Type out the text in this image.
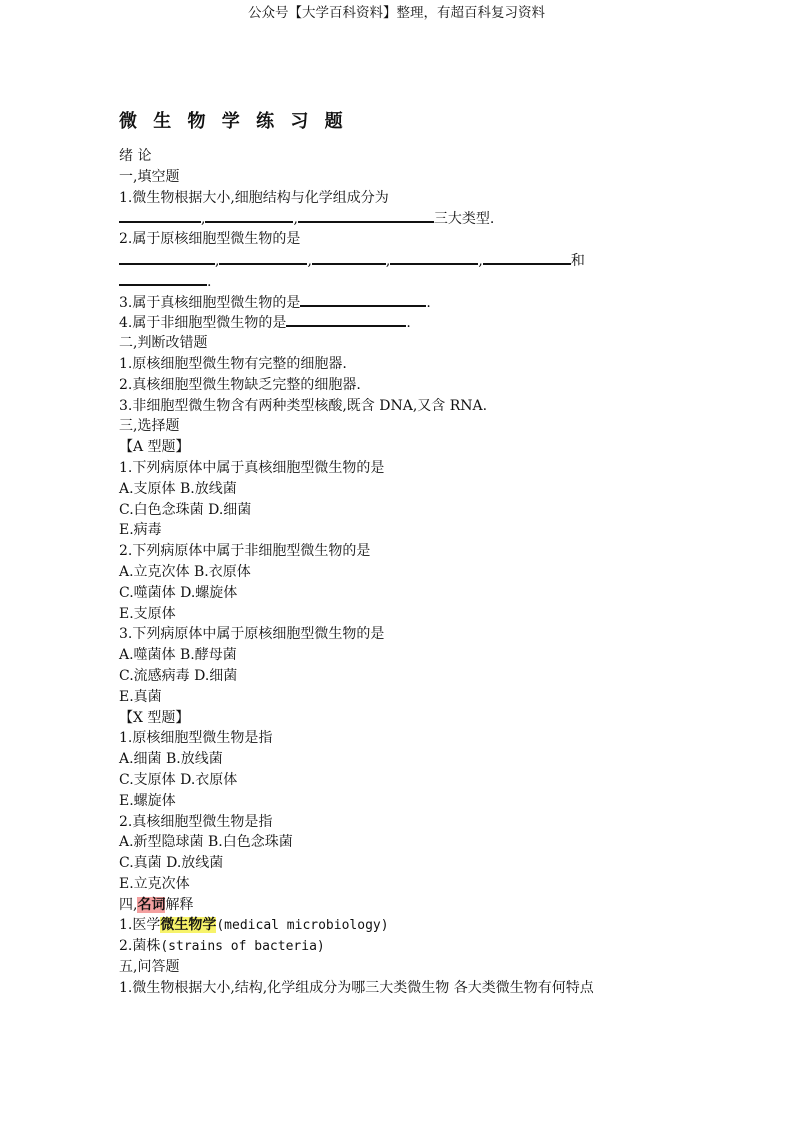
公众号【大学百科资料】整理，有超百科复习资料
微 生 物 学 练 习 题
绪 论
一,填空题
1.微生物根据大小,细胞结构与化学组成分为
,	,	三大类型.
2.属于原核细胞型微生物的是
,	,	,	,	和
.
3.属于真核细胞型微生物的是	.
4.属于非细胞型微生物的是	.
二,判断改错题
1.原核细胞型微生物有完整的细胞器.
2.真核细胞型微生物缺乏完整的细胞器.
3.非细胞型微生物含有两种类型核酸,既含 DNA,又含 RNA.
三,选择题
【A 型题】
1.下列病原体中属于真核细胞型微生物的是
A.支原体 B.放线菌
C.白色念珠菌 D.细菌
E.病毒
2.下列病原体中属于非细胞型微生物的是
A.立克次体 B.衣原体
C.噬菌体 D.螺旋体
E.支原体
3.下列病原体中属于原核细胞型微生物的是
A.噬菌体 B.酵母菌
C.流感病毒 D.细菌
E.真菌
【X 型题】
1.原核细胞型微生物是指
A.细菌 B.放线菌
C.支原体 D.衣原体
E.螺旋体
2.真核细胞型微生物是指
A.新型隐球菌 B.白色念珠菌
C.真菌 D.放线菌
E.立克次体
四,名词解释
1.医学微生物学(medical microbiology)
2.菌株(strains of bacteria)
五,问答题
1.微生物根据大小,结构,化学组成分为哪三大类微生物 各大类微生物有何特点
